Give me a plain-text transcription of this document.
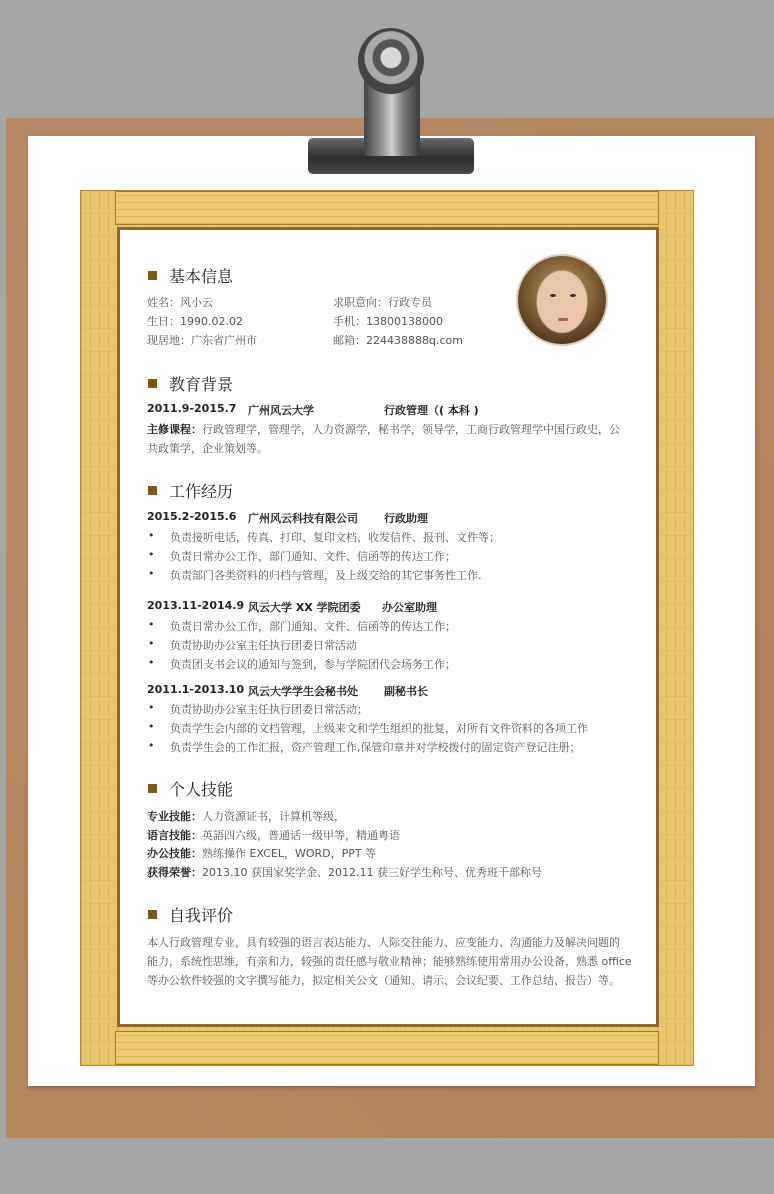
基本信息
姓名：风小云	求职意向：行政专员
生日：1990.02.02	手机：13800138000
现居地：广东省广州市	邮箱：224438888q.com
教育背景
2011.9-2015.7 广州风云大学	行政管理（( 本科 )
主修课程：行政管理学，管理学，人力资源学，秘书学，领导学，工商行政管理学中国行政史，公
共政策学，企业策划等。
工作经历
2015.2-2015.6 广州风云科技有限公司 行政助理
• 负责接听电话，传真、打印、复印文档、收发信件、报刊、文件等；
• 负责日常办公工作，部门通知、文件、信函等的传达工作；
• 负责部门各类资料的归档与管理，及上级交给的其它事务性工作.
2013.11-2014.9 风云大学 XX 学院团委 办公室助理
• 负责日常办公工作，部门通知、文件、信函等的传达工作；
• 负责协助办公室主任执行团委日常活动
• 负责团支书会议的通知与签到，参与学院团代会场务工作；
2011.1-2013.10 风云大学学生会秘书处 副秘书长
• 负责协助办公室主任执行团委日常活动；
• 负责学生会内部的文档管理，上级来文和学生组织的批复，对所有文件资料的各项工作
• 负责学生会的工作汇报，资产管理工作,保管印章并对学校拨付的固定资产登记注册；
个人技能
专业技能：人力资源证书，计算机等级，
语言技能：英語四六级，普通话一级甲等，精通粤语
办公技能：熟练操作 EXCEL，WORD，PPT 等
获得荣誉：2013.10 获国家奖学金、2012.11 获三好学生称号、优秀班干部称号
自我评价
本人行政管理专业，具有较强的语言表达能力、人际交往能力、应变能力、沟通能力及解决问题的
能力，系统性思维，有亲和力，较强的责任感与敬业精神；能够熟练使用常用办公设备，熟悉 office
等办公软件较强的文字撰写能力，拟定相关公文（通知、请示、会议纪要、工作总结、报告）等。
